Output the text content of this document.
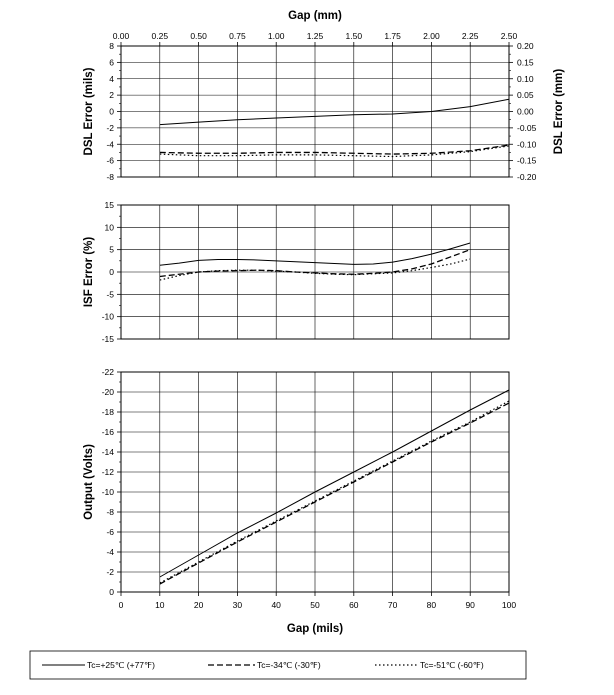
8
6
4
2
0
-2
-4
-6
-8
DSL Error (mils)
0.20
0.15
0.10
0.05
0.00
-0.05
-0.10
-0.15
-0.20
DSL Error (mm)
0.00	0.25	0.50	0.75	1.00	1.25	1.50	1.75	2.00	2.25	2.50
Gap (mm)
15
10
5
0
-5
-10
-15
ISF Error (%)
-22
-20
-18
-16
-14
-12
-10
-8
-6
-4
-2
0
Output (Volts)
0	10	20	30	40	50	60	70	80	90	100
Gap (mils)
Tc=+25℃ (+77℉)	Tc=-34℃ (-30℉)	Tc=-51℃ (-60℉)
